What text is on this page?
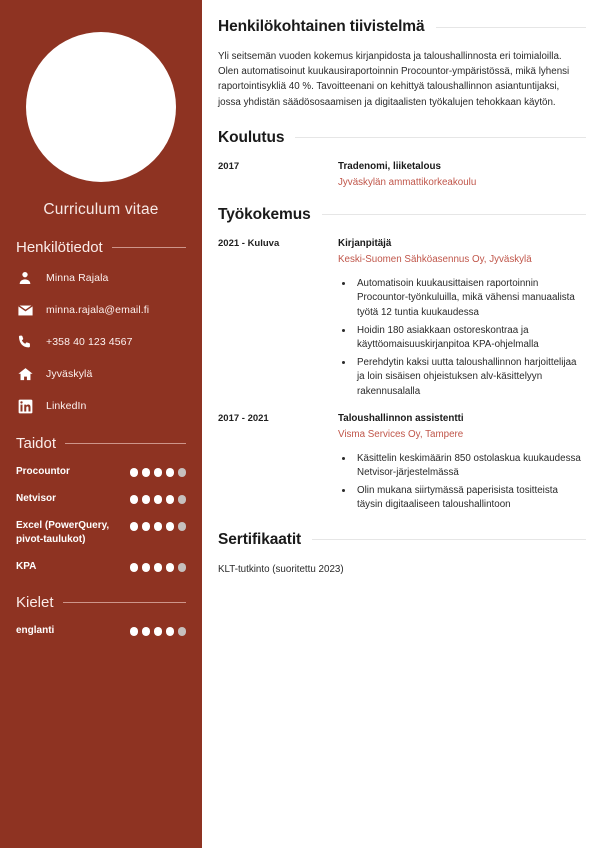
Curriculum vitae
Henkilötiedot
Minna Rajala
minna.rajala@email.fi
+358 40 123 4567
Jyväskylä
LinkedIn
Taidot
Procountor
Netvisor
Excel (PowerQuery, pivot-taulukot)
KPA
Kielet
englanti
Henkilökohtainen tiivistelmä

Yli seitsemän vuoden kokemus kirjanpidosta ja taloushallinnosta eri toimialoilla. Olen automatisoinut kuukausiraportoinnin Procountor-ympäristössä, mikä lyhensi raportointisykliä 40 %. Tavoitteenani on kehittyä taloushallinnon asiantuntijaksi, jossa yhdistän säädösosaamisen ja digitaalisten työkalujen tehokkaan käytön.

Koulutus
2017	Tradenomi, liiketalous
Jyväskylän ammattikorkeakoulu
Työkokemus
2021 - Kuluva	Kirjanpitäjä
Keski-Suomen Sähköasennus Oy, Jyväskylä
• Automatisoin kuukausittaisen raportoinnin Procountor-työnkuluilla, mikä vähensi manuaalista työtä 12 tuntia kuukaudessa
• Hoidin 180 asiakkaan ostoreskontraa ja käyttöomaisuuskirjanpitoa KPA-ohjelmalla
• Perehdytin kaksi uutta taloushallinnon harjoittelijaa ja loin sisäisen ohjeistuksen alv-käsittelyyn rakennusalalla
2017 - 2021	Taloushallinnon assistentti
Visma Services Oy, Tampere
• Käsittelin keskimäärin 850 ostolaskua kuukaudessa Netvisor-järjestelmässä
• Olin mukana siirtymässä paperisista tositteista täysin digitaaliseen taloushallintoon
Sertifikaatit
KLT-tutkinto (suoritettu 2023)
